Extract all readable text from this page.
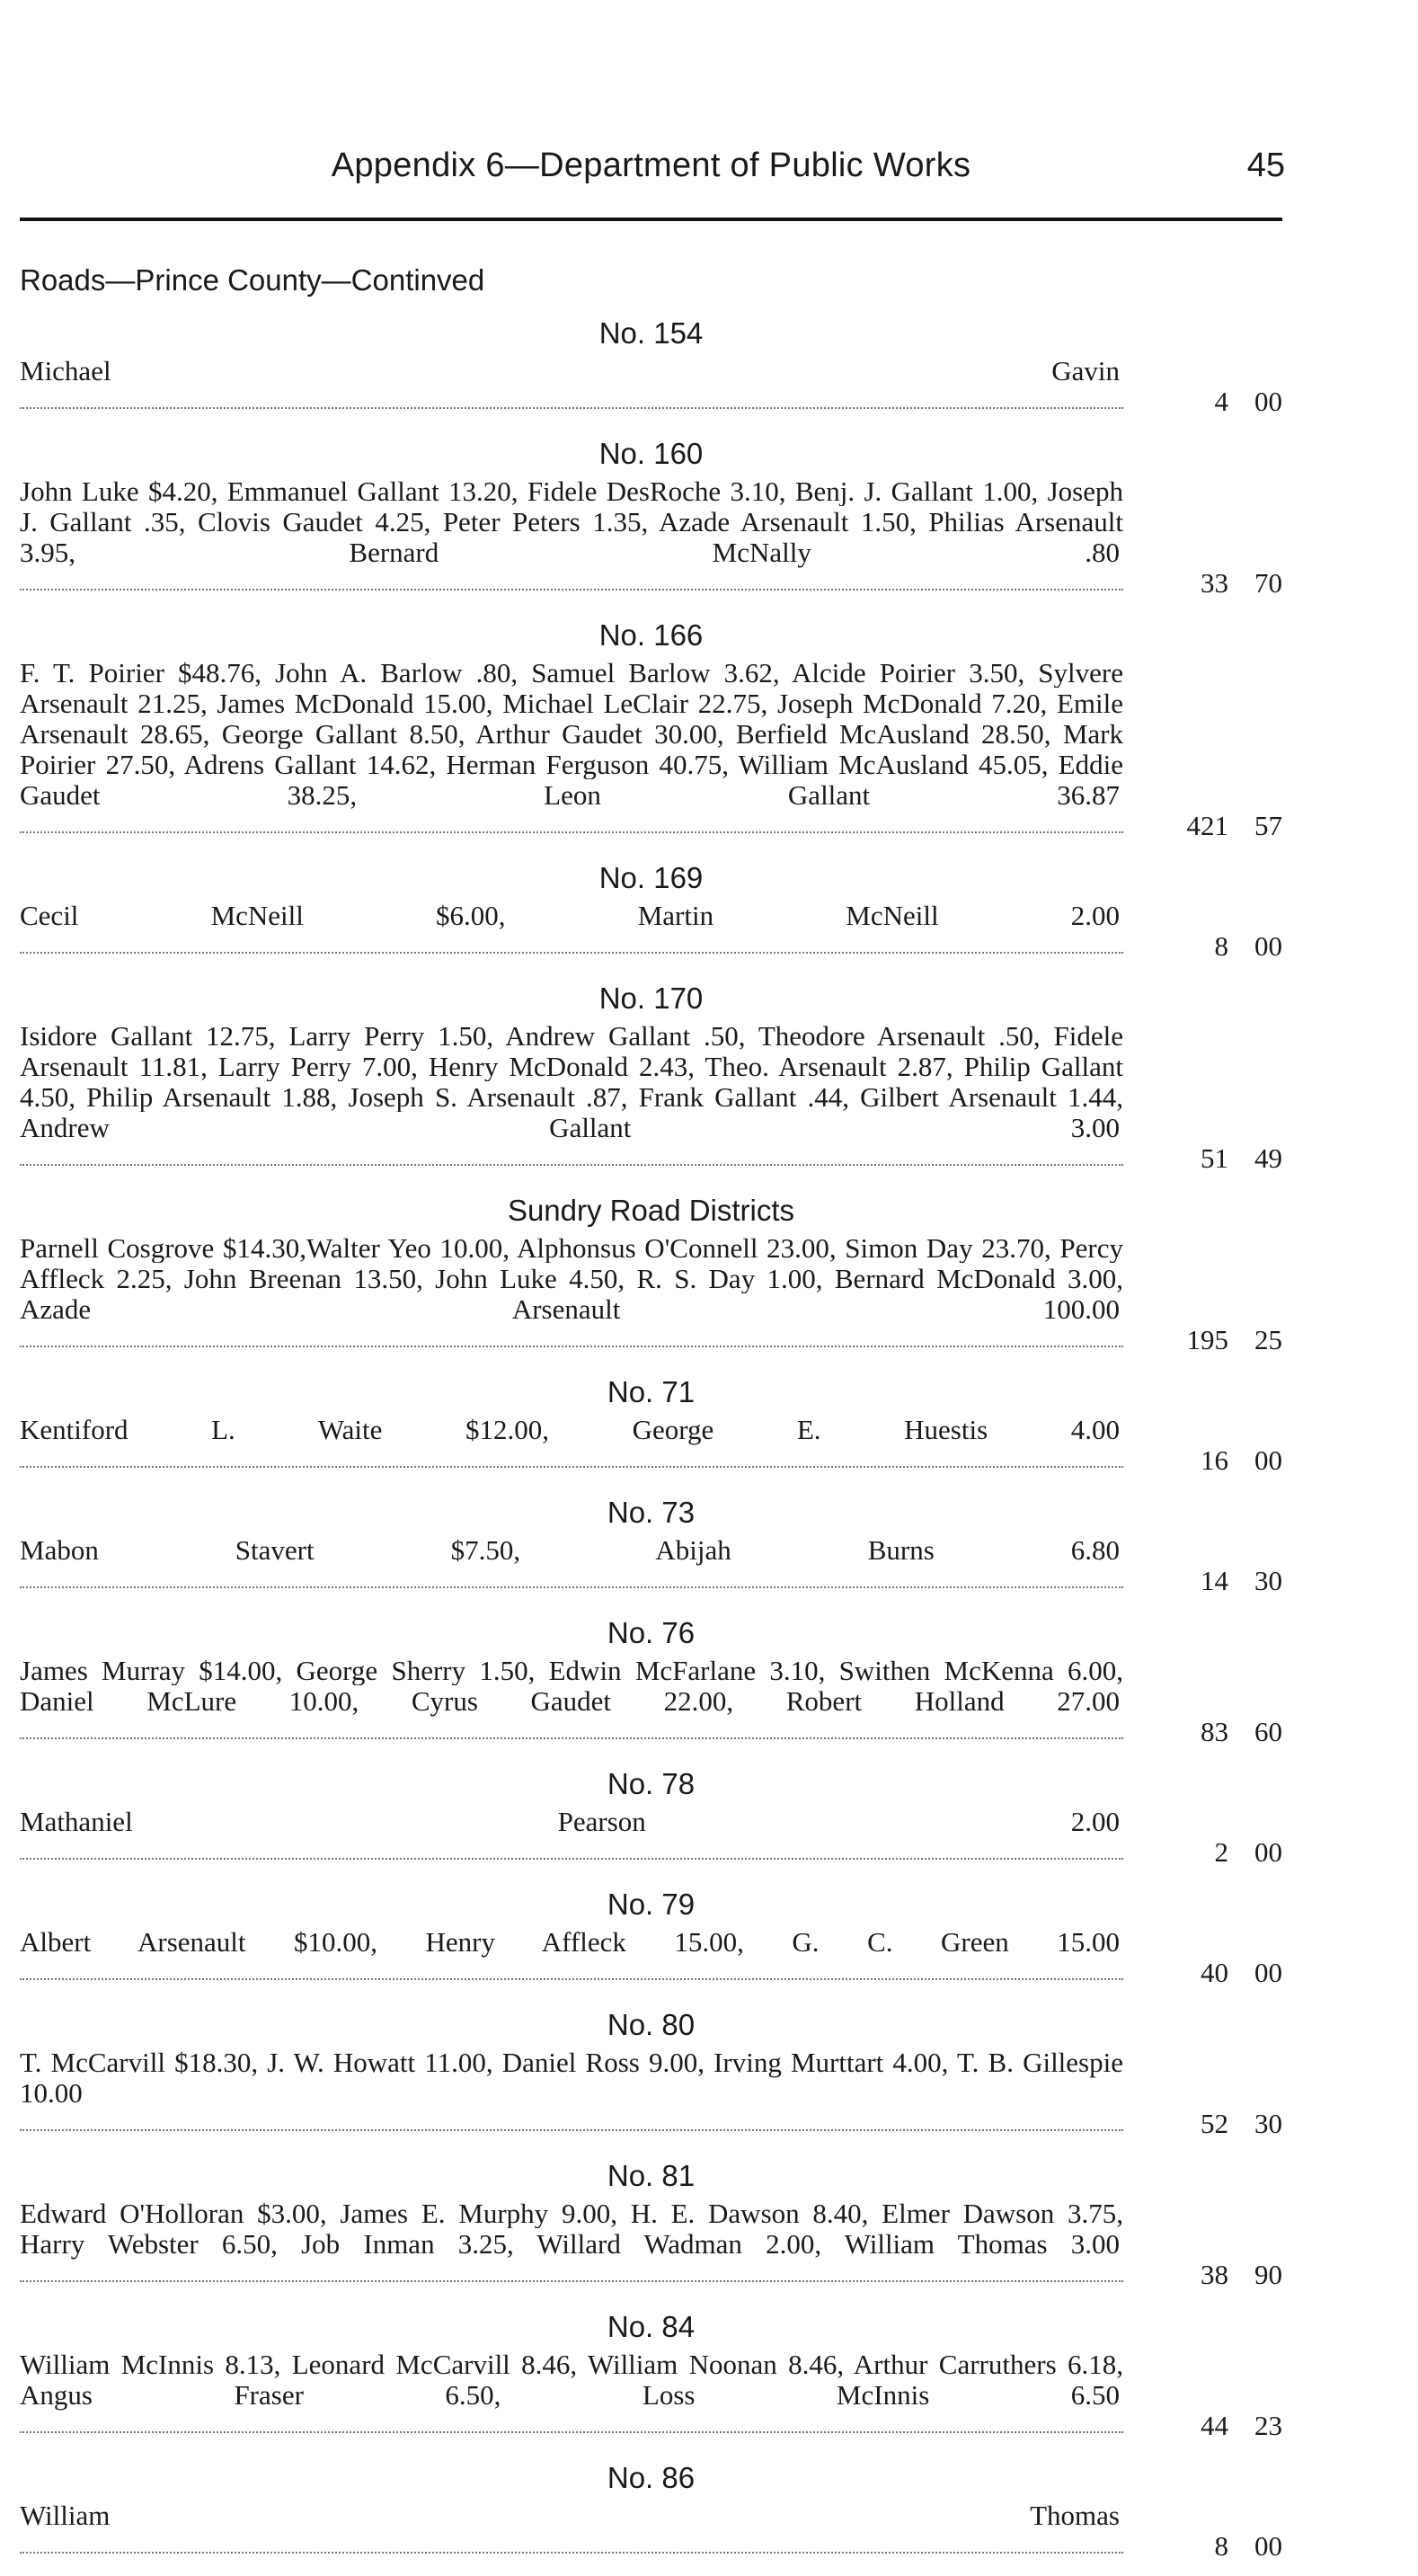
Appendix 6—Department of Public Works	45
Roads—Prince County—Continved
No. 154
Michael Gavin
4 00
No. 160
John Luke $4.20, Emmanuel Gallant 13.20, Fidele DesRoche 3.10, Benj. J. Gallant 1.00, Joseph J. Gallant .35, Clovis Gaudet 4.25, Peter Peters 1.35, Azade Arsenault 1.50, Philias Arsenault 3.95, Bernard McNally .80
33 70
No. 166
F. T. Poirier $48.76, John A. Barlow .80, Samuel Barlow 3.62, Alcide Poirier 3.50, Sylvere Arsenault 21.25, James McDonald 15.00, Michael LeClair 22.75, Joseph McDonald 7.20, Emile Arsenault 28.65, George Gallant 8.50, Arthur Gaudet 30.00, Berfield McAusland 28.50, Mark Poirier 27.50, Adrens Gallant 14.62, Herman Ferguson 40.75, William McAusland 45.05, Eddie Gaudet 38.25, Leon Gallant 36.87
421 57
No. 169
Cecil McNeill $6.00, Martin McNeill 2.00
8 00
No. 170
Isidore Gallant 12.75, Larry Perry 1.50, Andrew Gallant .50, Theodore Arsenault .50, Fidele Arsenault 11.81, Larry Perry 7.00, Henry McDonald 2.43, Theo. Arsenault 2.87, Philip Gallant 4.50, Philip Arsenault 1.88, Joseph S. Arsenault .87, Frank Gallant .44, Gilbert Arsenault 1.44, Andrew Gallant 3.00
51 49
Sundry Road Districts
Parnell Cosgrove $14.30,Walter Yeo 10.00, Alphonsus O'Connell 23.00, Simon Day 23.70, Percy Affleck 2.25, John Breenan 13.50, John Luke 4.50, R. S. Day 1.00, Bernard McDonald 3.00, Azade Arsenault 100.00
195 25
No. 71
Kentiford L. Waite $12.00, George E. Huestis 4.00
16 00
No. 73
Mabon Stavert $7.50, Abijah Burns 6.80
14 30
No. 76
James Murray $14.00, George Sherry 1.50, Edwin McFarlane 3.10, Swithen McKenna 6.00, Daniel McLure 10.00, Cyrus Gaudet 22.00, Robert Holland 27.00
83 60
No. 78
Mathaniel Pearson 2.00
2 00
No. 79
Albert Arsenault $10.00, Henry Affleck 15.00, G. C. Green 15.00
40 00
No. 80
T. McCarvill $18.30, J. W. Howatt 11.00, Daniel Ross 9.00, Irving Murttart 4.00, T. B. Gillespie 10.00
52 30
No. 81
Edward O'Holloran $3.00, James E. Murphy 9.00, H. E. Dawson 8.40, Elmer Dawson 3.75, Harry Webster 6.50, Job Inman 3.25, Willard Wadman 2.00, William Thomas 3.00
38 90
No. 84
William McInnis 8.13, Leonard McCarvill 8.46, William Noonan 8.46, Arthur Carruthers 6.18, Angus Fraser 6.50, Loss McInnis 6.50
44 23
No. 86
William Thomas
8 00
